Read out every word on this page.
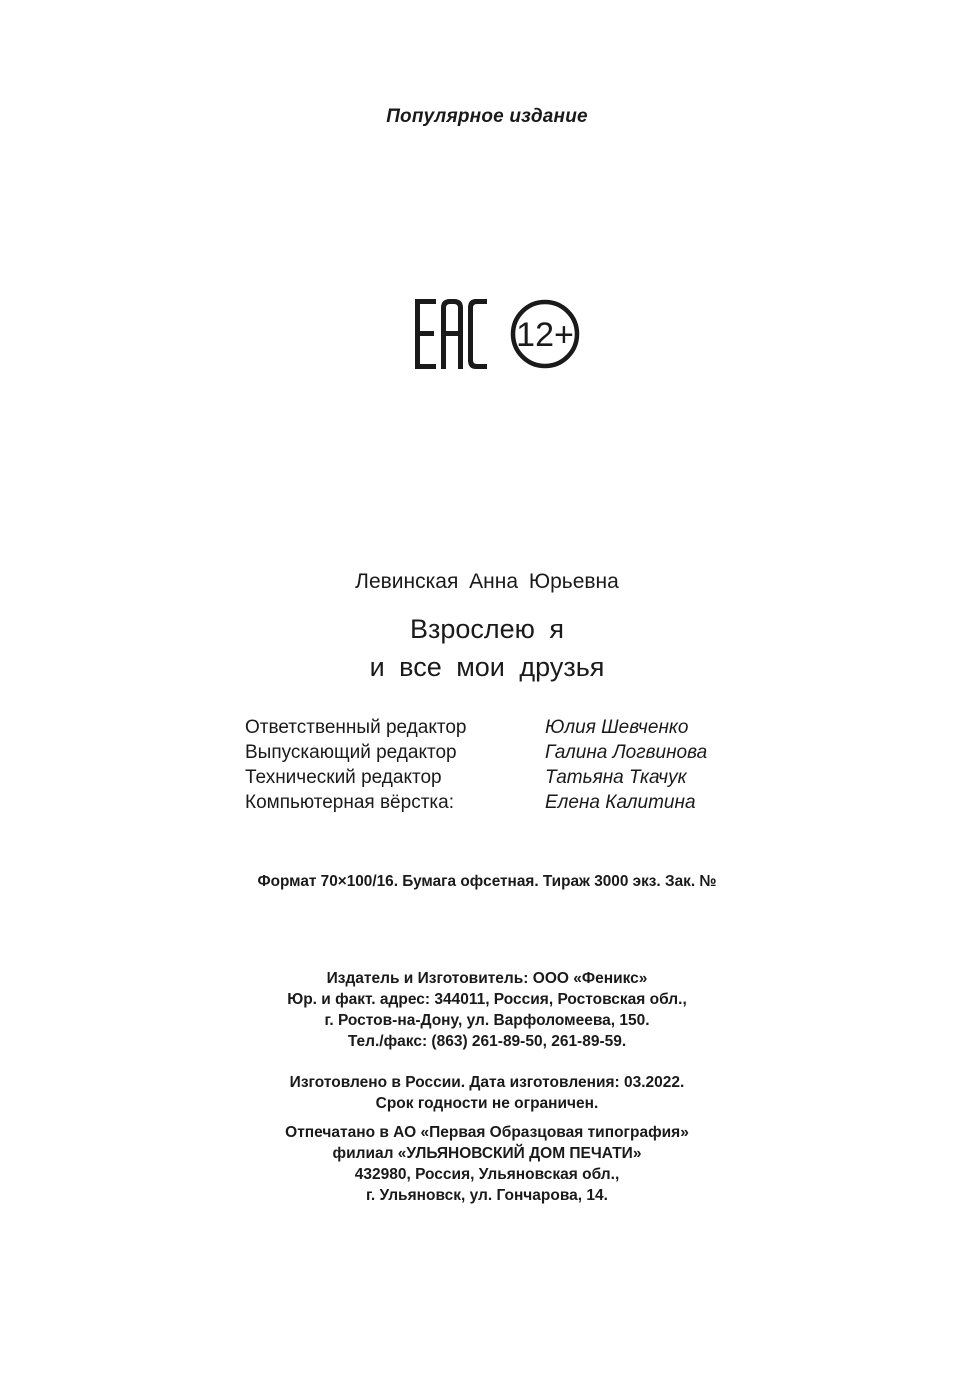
Популярное издание
12+
Левинская Анна Юрьевна
Взрослею я
и все мои друзья
Ответственный редактор	Юлия Шевченко
Выпускающий редактор	Галина Логвинова
Технический редактор	Татьяна Ткачук
Компьютерная вёрстка:	Елена Калитина
Формат 70×100/16. Бумага офсетная. Тираж 3000 экз. Зак. №
Издатель и Изготовитель: ООО «Феникс»
Юр. и факт. адрес: 344011, Россия, Ростовская обл.,
г. Ростов-на-Дону, ул. Варфоломеева, 150.
Тел./факс: (863) 261-89-50, 261-89-59.
Изготовлено в России. Дата изготовления: 03.2022.
Срок годности не ограничен.
Отпечатано в АО «Первая Образцовая типография»
филиал «УЛЬЯНОВСКИЙ ДОМ ПЕЧАТИ»
432980, Россия, Ульяновская обл.,
г. Ульяновск, ул. Гончарова, 14.
